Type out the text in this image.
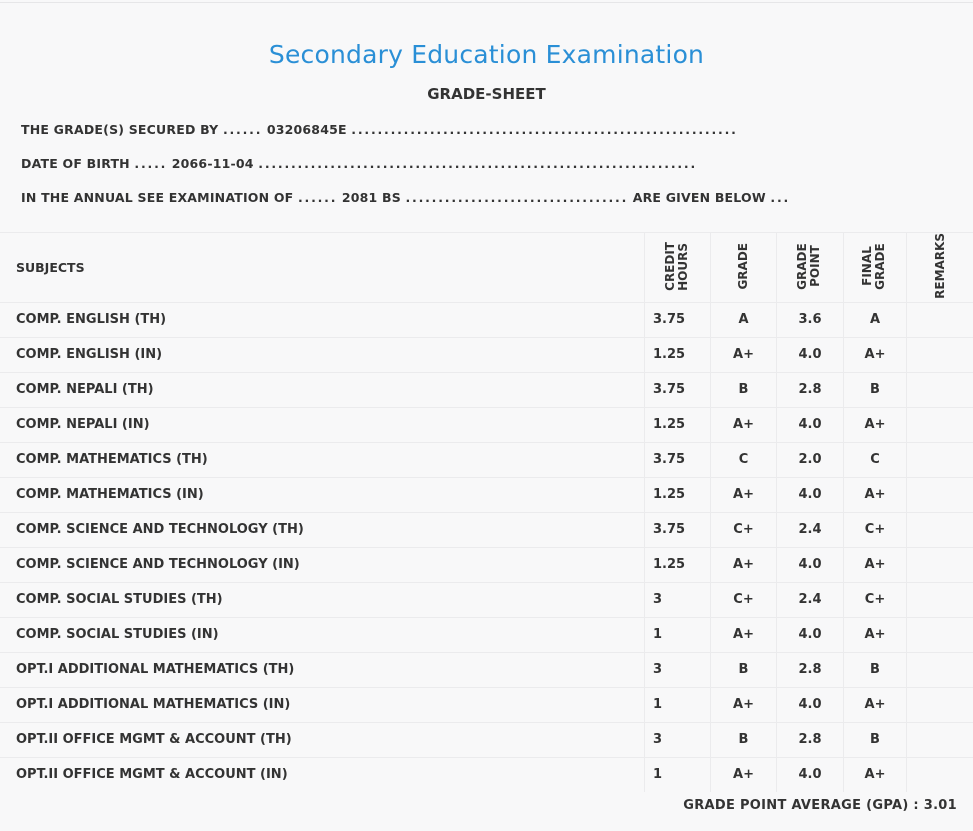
Secondary Education Examination
GRADE-SHEET
THE GRADE(S) SECURED BY ...... 03206845E ...........................................................
DATE OF BIRTH ..... 2066-11-04 ...................................................................
IN THE ANNUAL SEE EXAMINATION OF ...... 2081 BS .................................. ARE GIVEN BELOW ...
SUBJECTS	CREDIT HOURS	GRADE	GRADE POINT	FINAL GRADE	REMARKS
COMP. ENGLISH (TH)	3.75	A	3.6	A	
COMP. ENGLISH (IN)	1.25	A+	4.0	A+	
COMP. NEPALI (TH)	3.75	B	2.8	B	
COMP. NEPALI (IN)	1.25	A+	4.0	A+	
COMP. MATHEMATICS (TH)	3.75	C	2.0	C	
COMP. MATHEMATICS (IN)	1.25	A+	4.0	A+	
COMP. SCIENCE AND TECHNOLOGY (TH)	3.75	C+	2.4	C+	
COMP. SCIENCE AND TECHNOLOGY (IN)	1.25	A+	4.0	A+	
COMP. SOCIAL STUDIES (TH)	3	C+	2.4	C+	
COMP. SOCIAL STUDIES (IN)	1	A+	4.0	A+	
OPT.I ADDITIONAL MATHEMATICS (TH)	3	B	2.8	B	
OPT.I ADDITIONAL MATHEMATICS (IN)	1	A+	4.0	A+	
OPT.II OFFICE MGMT & ACCOUNT (TH)	3	B	2.8	B	
OPT.II OFFICE MGMT & ACCOUNT (IN)	1	A+	4.0	A+	
GRADE POINT AVERAGE (GPA) : 3.01
